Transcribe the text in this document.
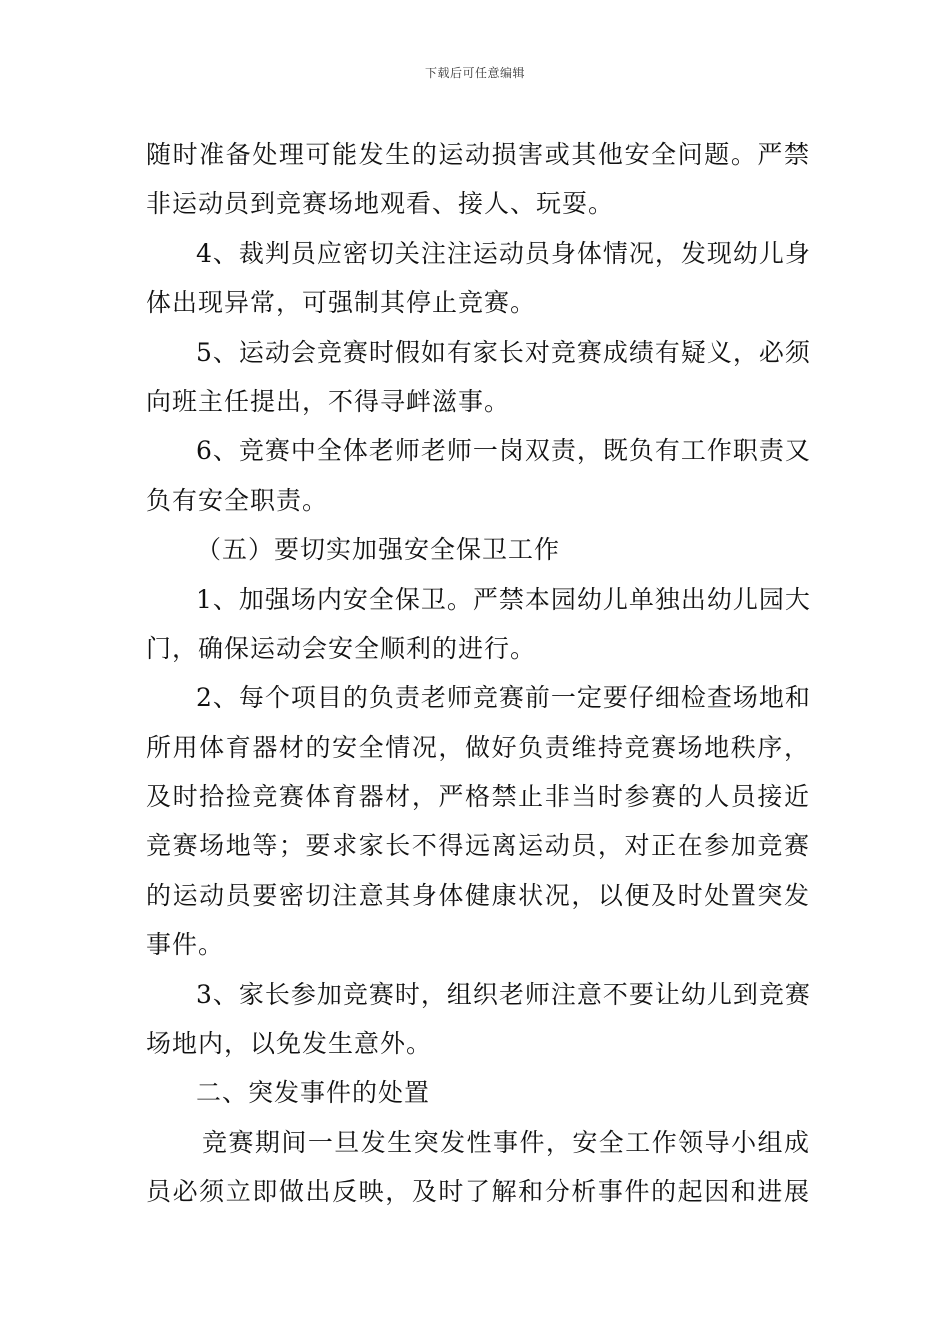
下载后可任意编辑

随时准备处理可能发生的运动损害或其他安全问题。严禁
非运动员到竞赛场地观看、接人、玩耍。

4、裁判员应密切关注注运动员身体情况，发现幼儿身
体出现异常，可强制其停止竞赛。

5、运动会竞赛时假如有家长对竞赛成绩有疑义，必须
向班主任提出，不得寻衅滋事。

6、竞赛中全体老师老师一岗双责，既负有工作职责又
负有安全职责。

（五）要切实加强安全保卫工作

1、加强场内安全保卫。严禁本园幼儿单独出幼儿园大
门，确保运动会安全顺利的进行。

2、每个项目的负责老师竞赛前一定要仔细检查场地和
所用体育器材的安全情况，做好负责维持竞赛场地秩序，
及时拾捡竞赛体育器材，严格禁止非当时参赛的人员接近
竞赛场地等；要求家长不得远离运动员，对正在参加竞赛
的运动员要密切注意其身体健康状况，以便及时处置突发
事件。

3、家长参加竞赛时，组织老师注意不要让幼儿到竞赛
场地内，以免发生意外。

二、突发事件的处置

竞赛期间一旦发生突发性事件，安全工作领导小组成
员必须立即做出反映，及时了解和分析事件的起因和进展
